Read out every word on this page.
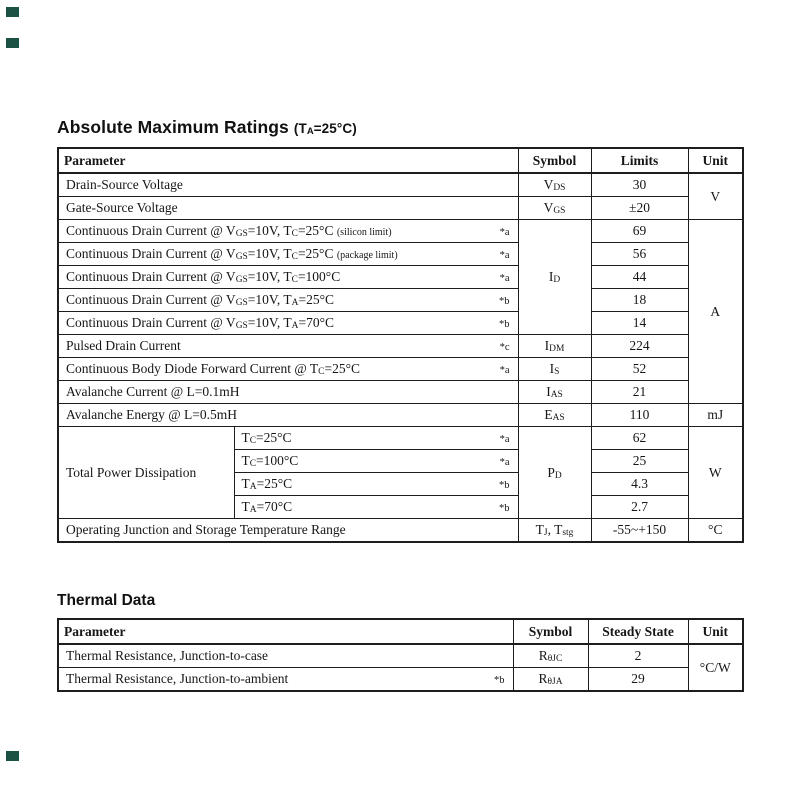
Absolute Maximum Ratings (TA=25°C)
Parameter		Symbol	Limits	Unit

Drain-Source Voltage		VDS	30	V

Gate-Source Voltage		VGS	±20	

Continuous Drain Current @ VGS=10V, TC=25°C (silicon limit) *a		ID	69	A

Continuous Drain Current @ VGS=10V, TC=25°C (package limit) *a			56	

Continuous Drain Current @ VGS=10V, TC=100°C *a			44	

Continuous Drain Current @ VGS=10V, TA=25°C *b			18	

Continuous Drain Current @ VGS=10V, TA=70°C *b			14	

Pulsed Drain Current *c		IDM	224	

Continuous Body Diode Forward Current @ TC=25°C *a		IS	52	

Avalanche Current @ L=0.1mH		IAS	21	

Avalanche Energy @ L=0.5mH		EAS	110	mJ

Total Power Dissipation	TC=25°C *a	PD	62	W

	TC=100°C *a		25	

	TA=25°C *b		4.3	

	TA=70°C *b		2.7	

Operating Junction and Storage Temperature Range		TJ, Tstg	-55~+150	°C
Thermal Data
Parameter	Symbol	Steady State	Unit

Thermal Resistance, Junction-to-case	RθJC	2	°C/W

Thermal Resistance, Junction-to-ambient *b	RθJA	29	
